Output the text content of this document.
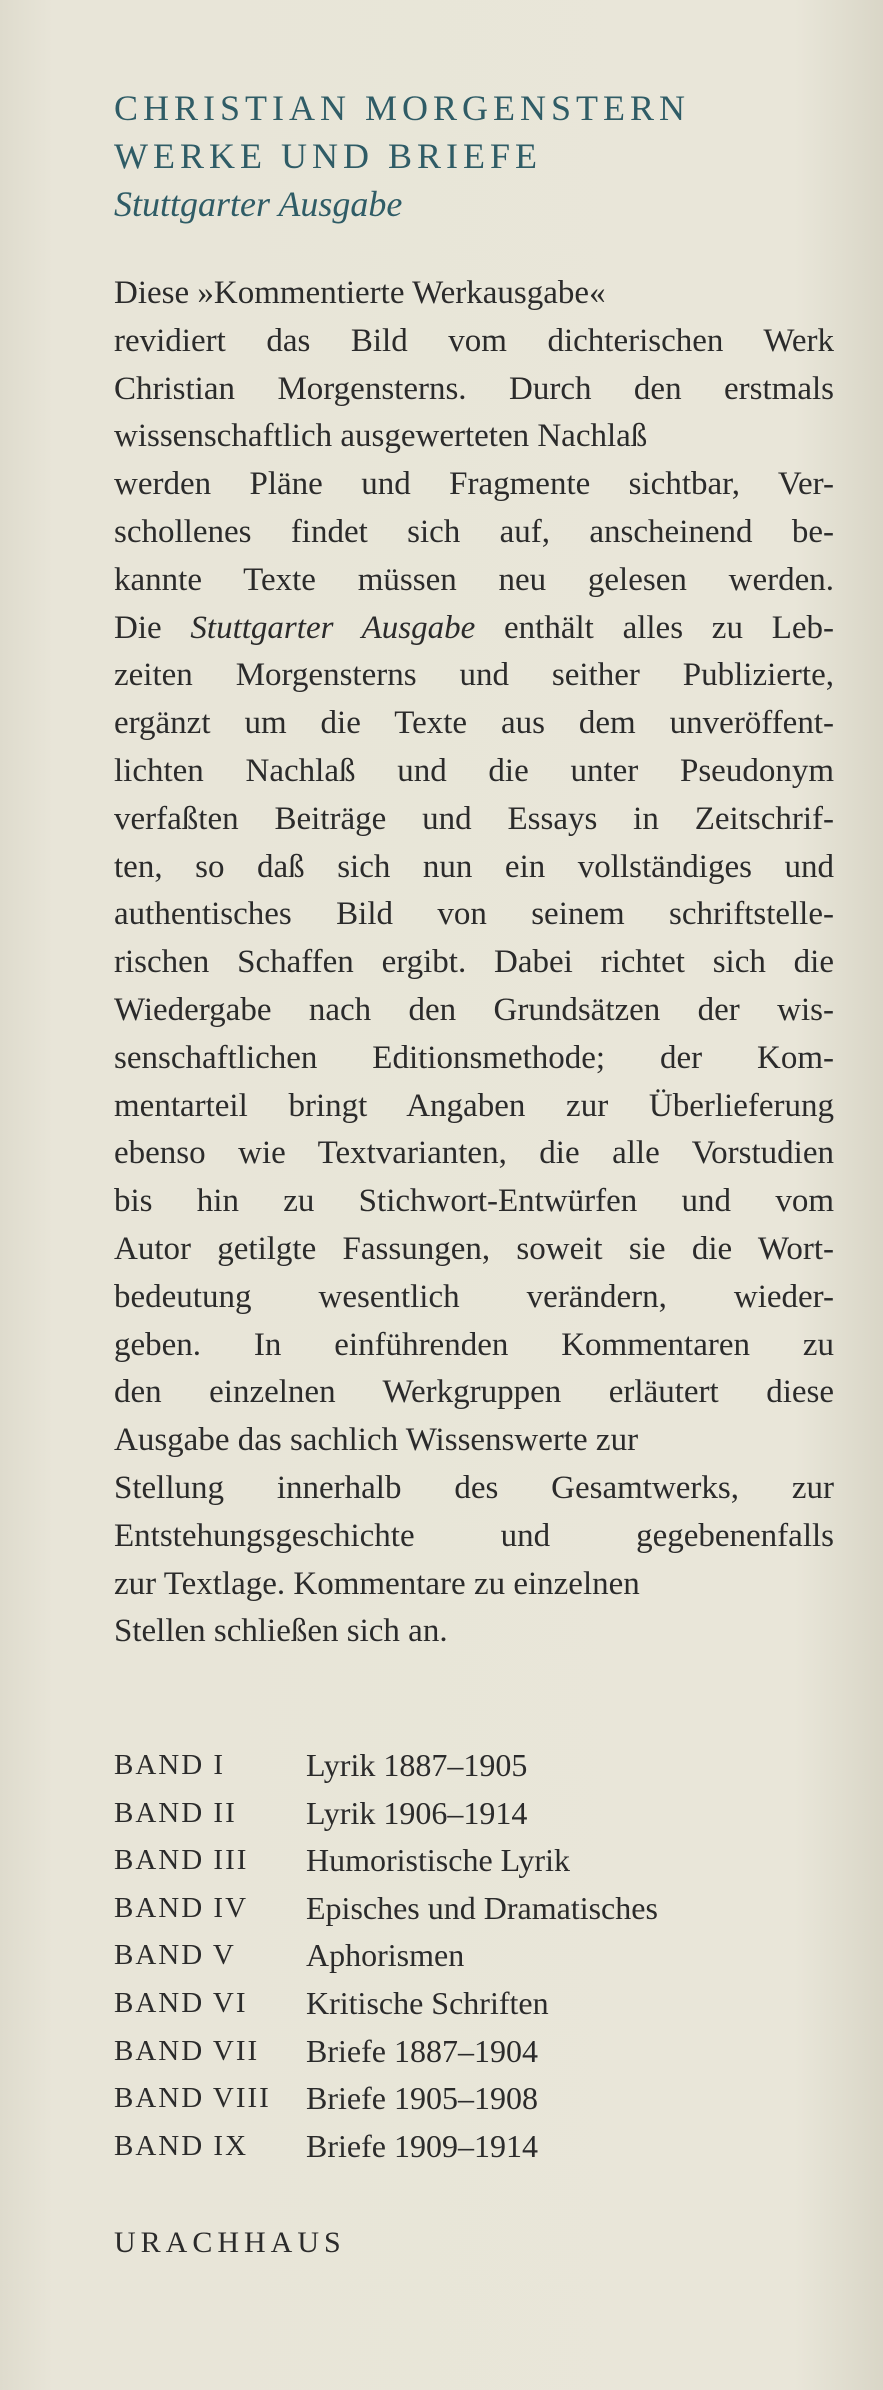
CHRISTIAN MORGENSTERN
WERKE UND BRIEFE
Stuttgarter Ausgabe
Diese »Kommentierte Werkausgabe«
revidiert das Bild vom dichterischen Werk
Christian Morgensterns. Durch den erstmals
wissenschaftlich ausgewerteten Nachlaß
werden Pläne und Fragmente sichtbar, Ver-
schollenes findet sich auf, anscheinend be-
kannte Texte müssen neu gelesen werden.
Die Stuttgarter Ausgabe enthält alles zu Leb-
zeiten Morgensterns und seither Publizierte,
ergänzt um die Texte aus dem unveröffent-
lichten Nachlaß und die unter Pseudonym
verfaßten Beiträge und Essays in Zeitschrif-
ten, so daß sich nun ein vollständiges und
authentisches Bild von seinem schriftstelle-
rischen Schaffen ergibt. Dabei richtet sich die
Wiedergabe nach den Grundsätzen der wis-
senschaftlichen Editionsmethode; der Kom-
mentarteil bringt Angaben zur Überlieferung
ebenso wie Textvarianten, die alle Vorstudien
bis hin zu Stichwort-Entwürfen und vom
Autor getilgte Fassungen, soweit sie die Wort-
bedeutung wesentlich verändern, wieder-
geben. In einführenden Kommentaren zu
den einzelnen Werkgruppen erläutert diese
Ausgabe das sachlich Wissenswerte zur
Stellung innerhalb des Gesamtwerks, zur
Entstehungsgeschichte und gegebenenfalls
zur Textlage. Kommentare zu einzelnen
Stellen schließen sich an.
BAND I	Lyrik 1887–1905
BAND II	Lyrik 1906–1914
BAND III	Humoristische Lyrik
BAND IV	Episches und Dramatisches
BAND V	Aphorismen
BAND VI	Kritische Schriften
BAND VII	Briefe 1887–1904
BAND VIII	Briefe 1905–1908
BAND IX	Briefe 1909–1914
URACHHAUS
